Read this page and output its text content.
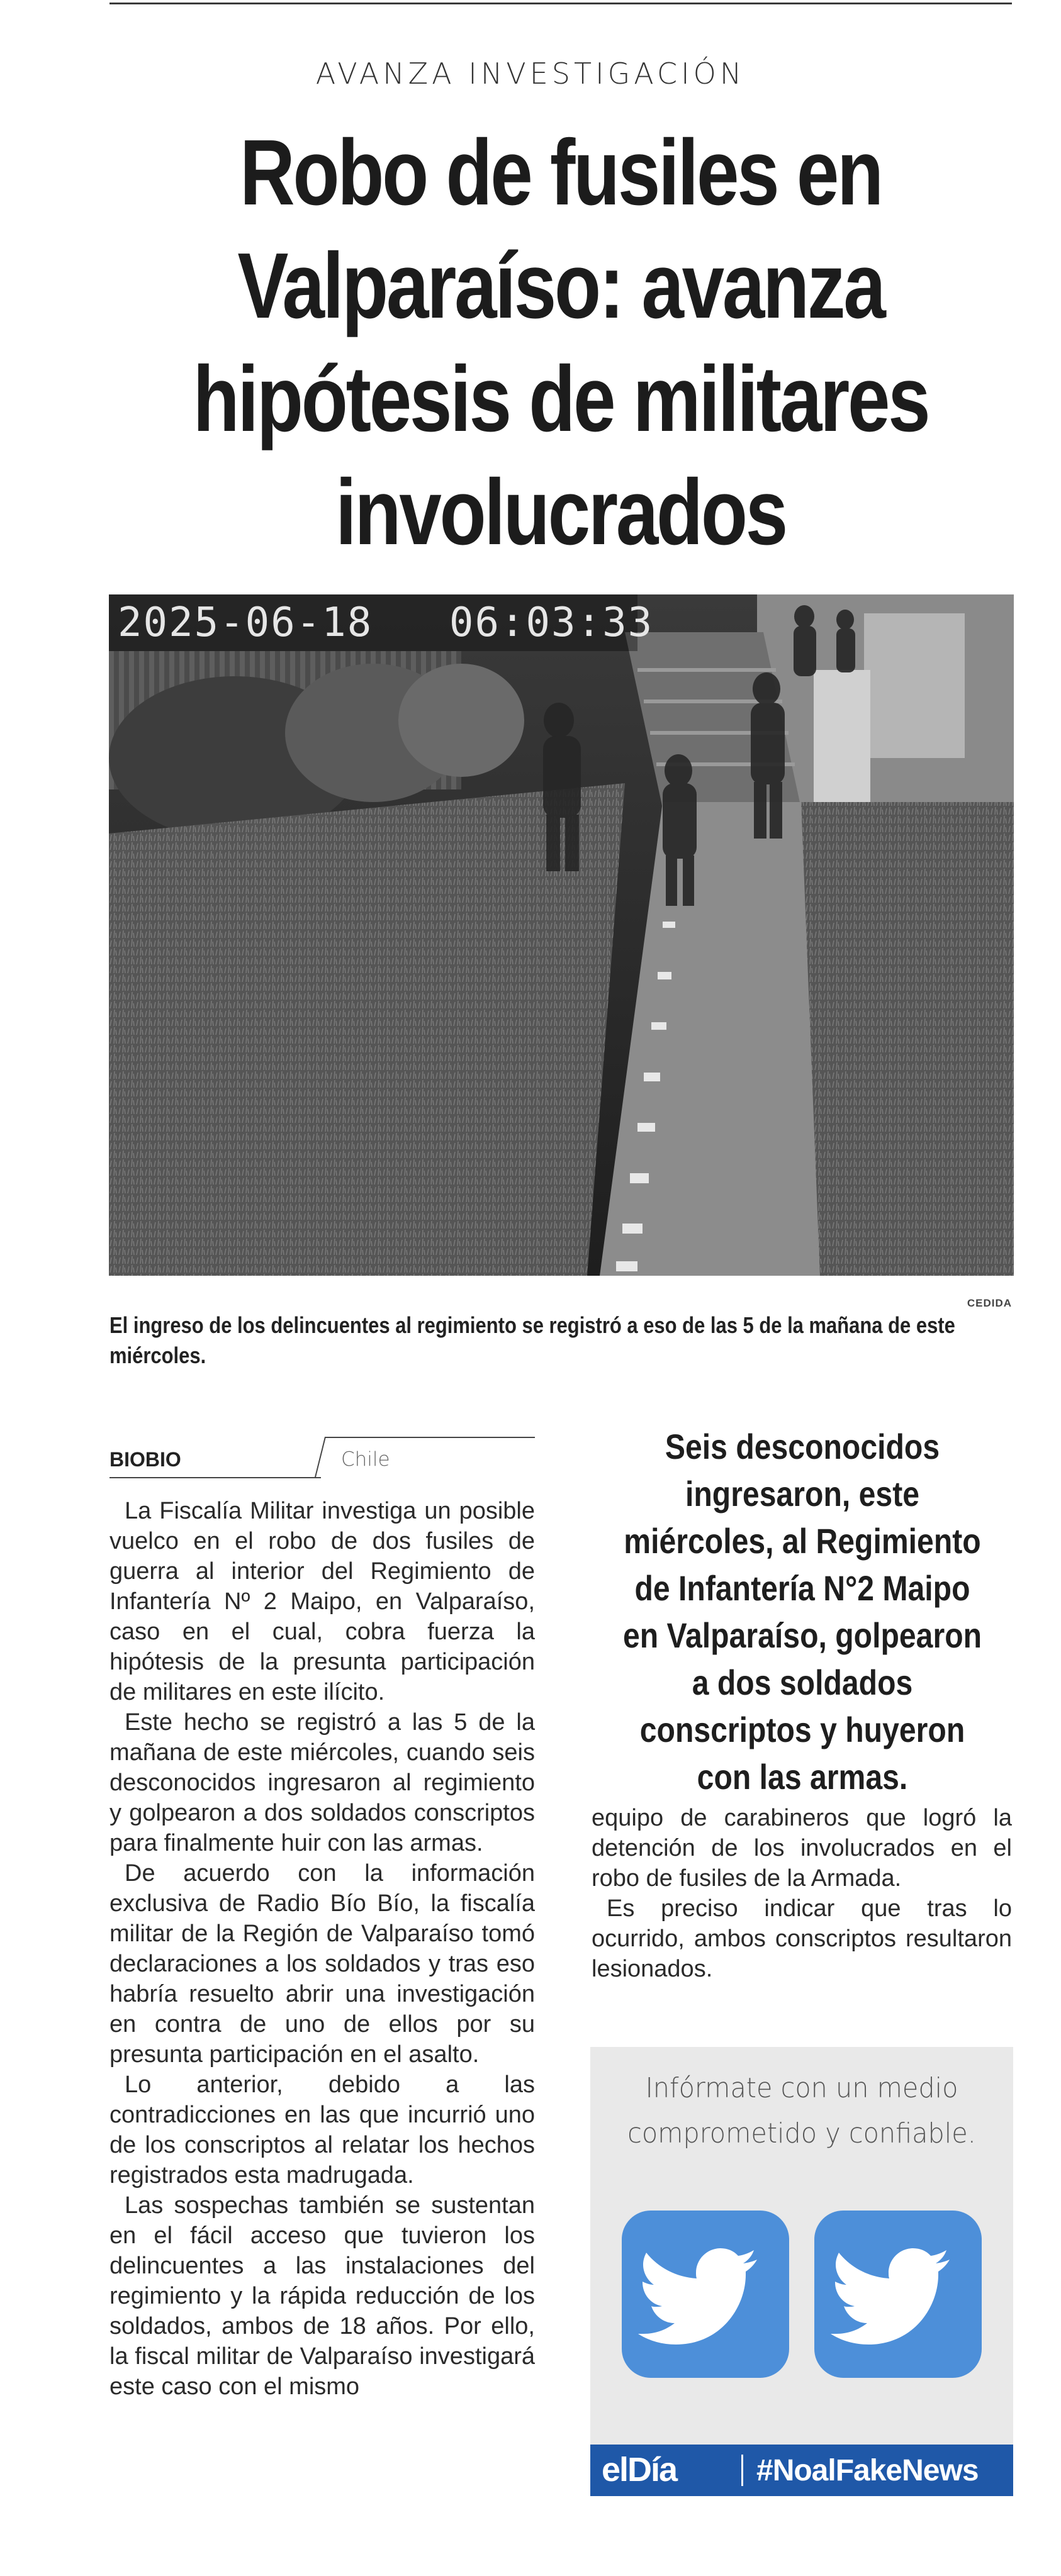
AVANZA INVESTIGACIÓN
Robo de fusiles en
Valparaíso: avanza
hipótesis de militares
involucrados
2025-06-18   06:03:33
CEDIDA
El ingreso de los delincuentes al regimiento se registró a eso de las 5 de la mañana de este miércoles.
BIOBIO	Chile

La Fiscalía Militar investiga un posible vuelco en el robo de dos fusiles de guerra al interior del Regimiento de Infantería Nº 2 Maipo, en Valparaíso, caso en el cual, cobra fuerza la hipótesis de la presunta participación de militares en este ilícito.

Este hecho se registró a las 5 de la mañana de este miércoles, cuando seis desconocidos ingresaron al regimiento y golpearon a dos soldados conscriptos para finalmente huir con las armas.

De acuerdo con la información exclusiva de Radio Bío Bío, la fiscalía militar de la Región de Valparaíso tomó declaraciones a los soldados y tras eso habría resuelto abrir una investigación en contra de uno de ellos por su presunta participación en el asalto.

Lo anterior, debido a las contradicciones en las que incurrió uno de los conscriptos al relatar los hechos registrados esta madrugada.

Las sospechas también se sustentan en el fácil acceso que tuvieron los delincuentes a las instalaciones del regimiento y la rápida reducción de los soldados, ambos de 18 años. Por ello, la fiscal militar de Valparaíso investigará este caso con el mismo

Seis desconocidos ingresaron, este miércoles, al Regimiento de Infantería N°2 Maipo en Valparaíso, golpearon a dos soldados conscriptos y huyeron con las armas.

equipo de carabineros que logró la detención de los involucrados en el robo de fusiles de la Armada.

Es preciso indicar que tras lo ocurrido, ambos conscriptos resultaron lesionados.

Infórmate con un medio comprometido y confiable.
elDía	#NoalFakeNews
